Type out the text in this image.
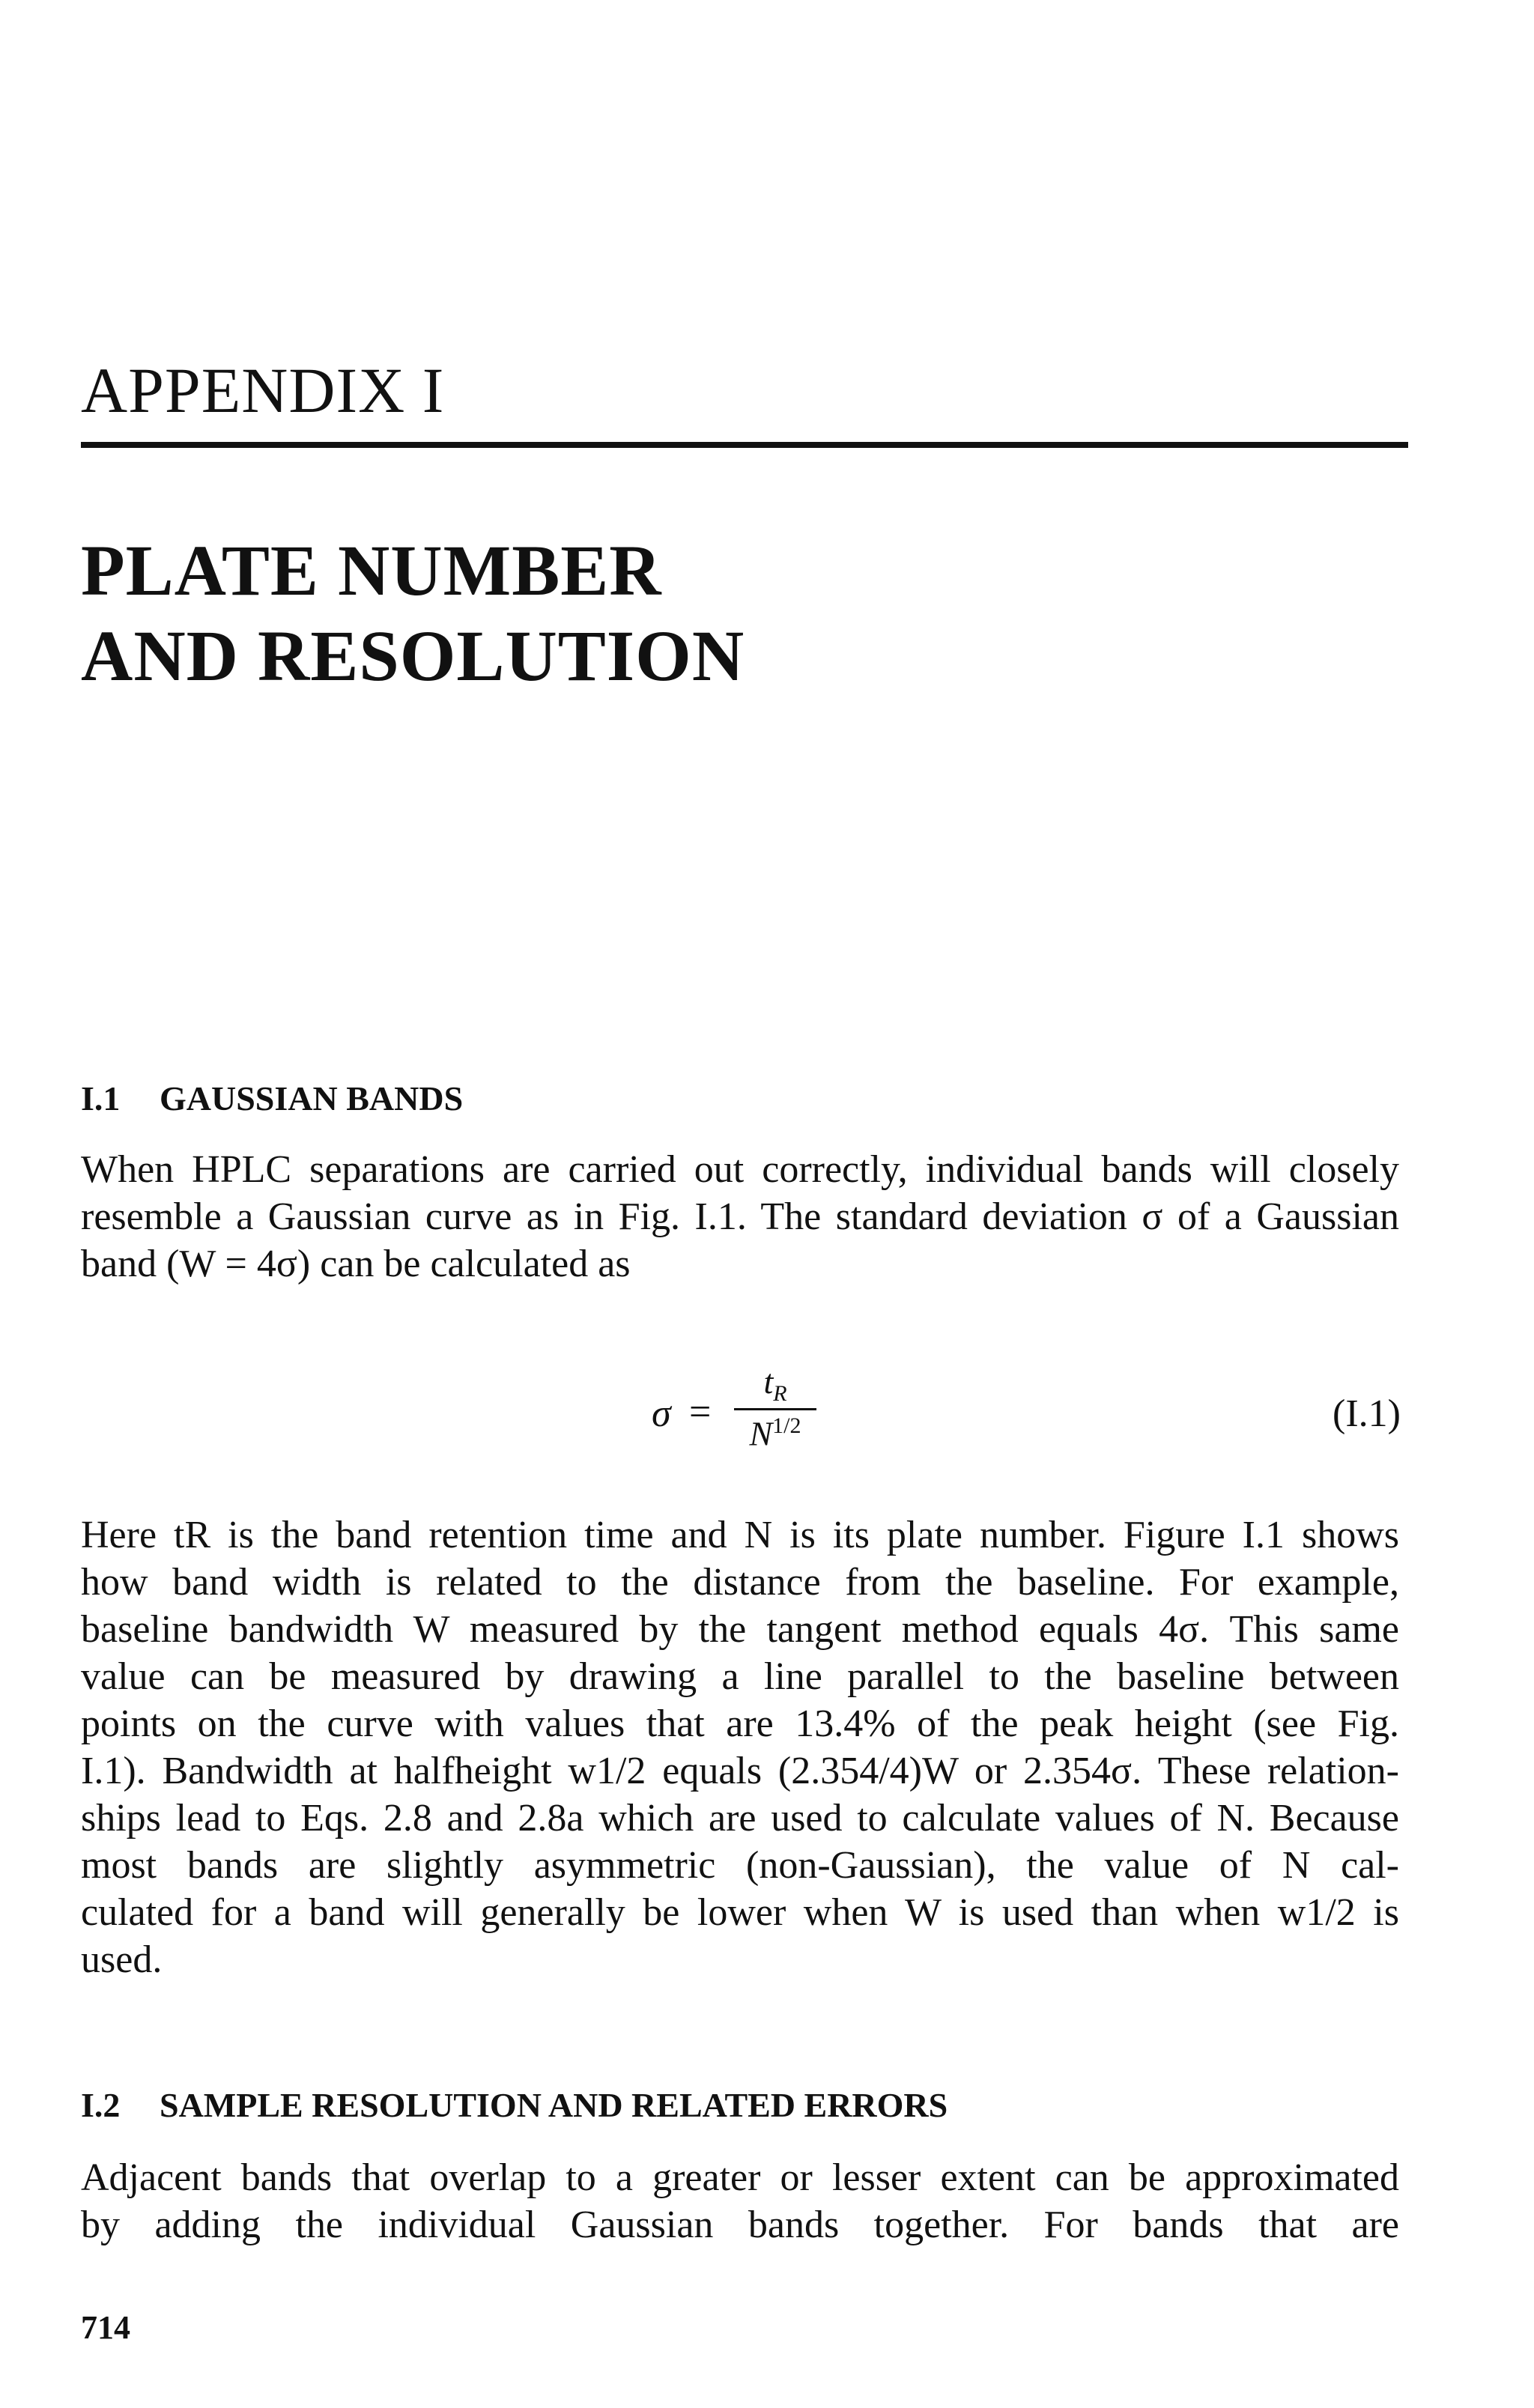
APPENDIX I
PLATE NUMBER
AND RESOLUTION
I.1 GAUSSIAN BANDS
When HPLC separations are carried out correctly, individual bands will closely
resemble a Gaussian curve as in Fig. I.1. The standard deviation σ of a Gaussian
band (W = 4σ) can be calculated as
σ =
$t_R$
$N^{1/2}$	(I.1)
Here tR is the band retention time and N is its plate number. Figure I.1 shows
how band width is related to the distance from the baseline. For example,
baseline bandwidth W measured by the tangent method equals 4σ. This same
value can be measured by drawing a line parallel to the baseline between
points on the curve with values that are 13.4% of the peak height (see Fig.
I.1). Bandwidth at halfheight w1/2 equals (2.354/4)W or 2.354σ. These relation-
ships lead to Eqs. 2.8 and 2.8a which are used to calculate values of N. Because
most bands are slightly asymmetric (non-Gaussian), the value of N cal-
culated for a band will generally be lower when W is used than when w1/2 is
used.
I.2 SAMPLE RESOLUTION AND RELATED ERRORS
Adjacent bands that overlap to a greater or lesser extent can be approximated
by adding the individual Gaussian bands together. For bands that are
714
